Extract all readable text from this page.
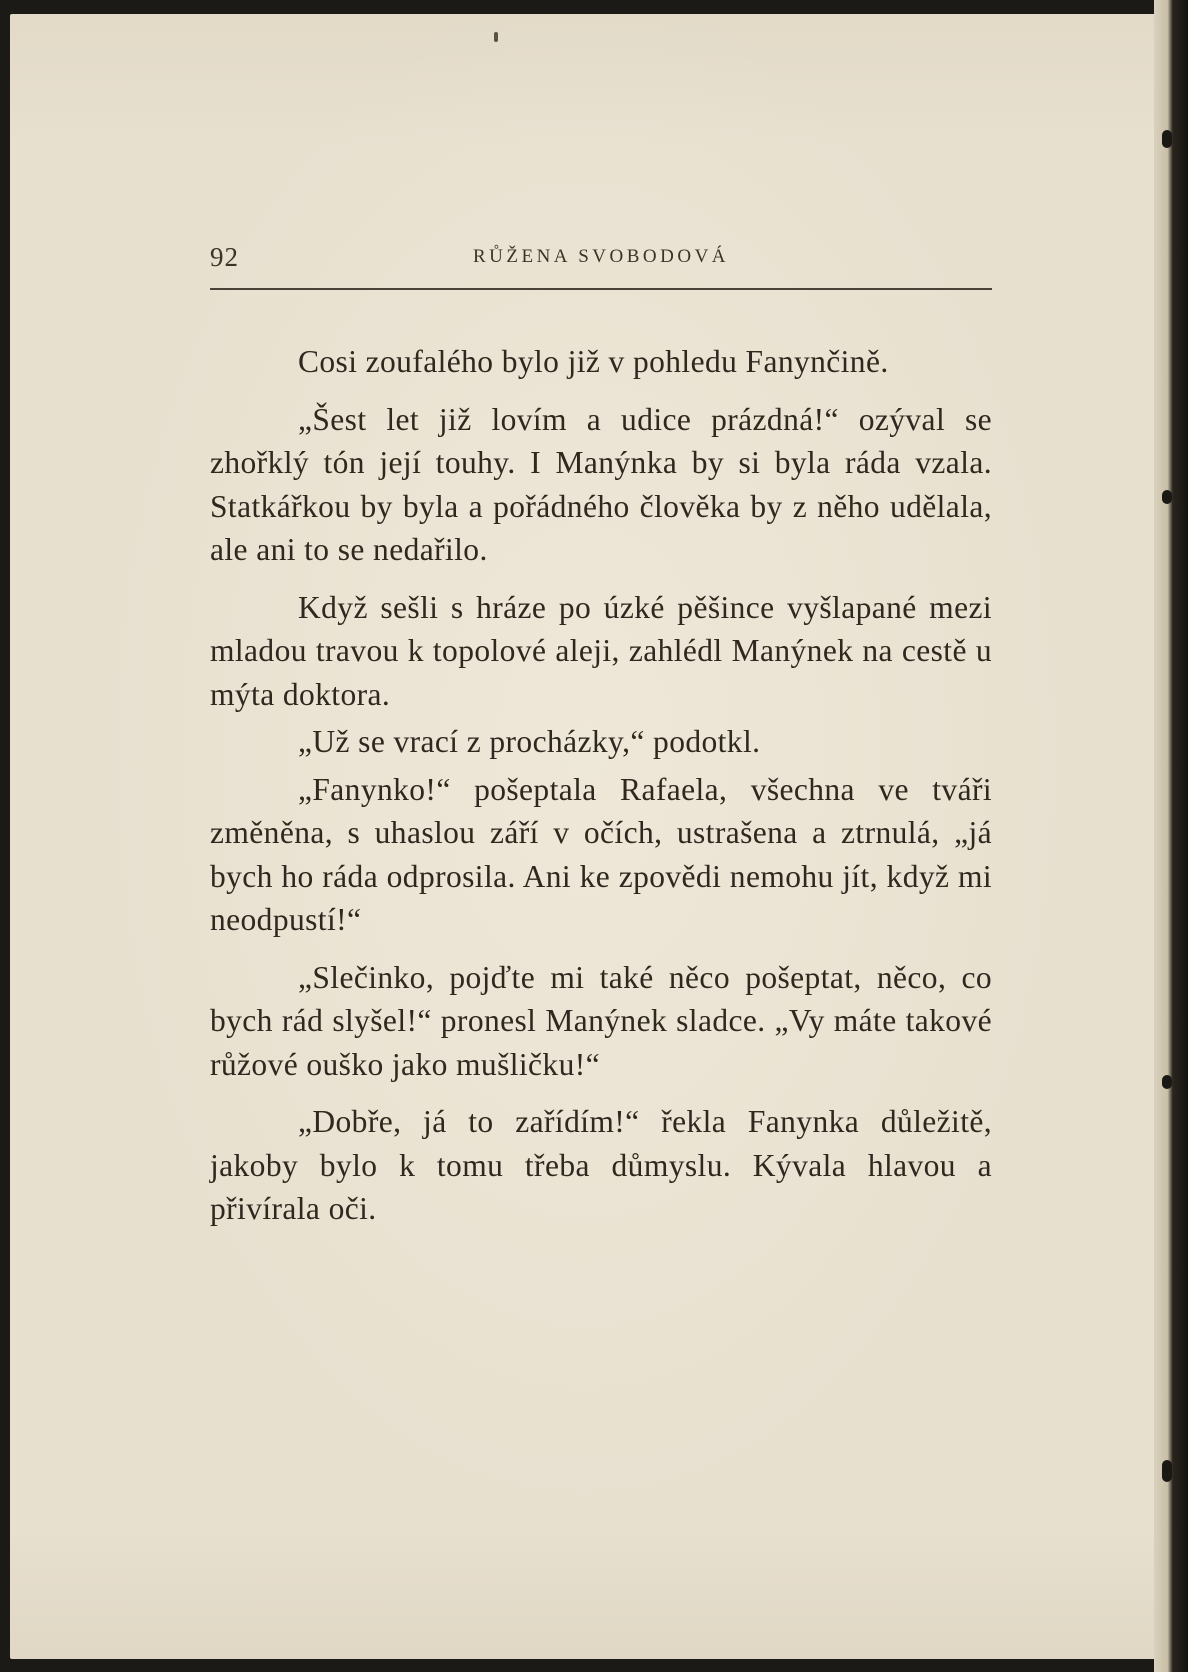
92	RŮŽENA SVOBODOVÁ

Cosi zoufalého bylo již v pohledu Fanynčině.

„Šest let již lovím a udice prázdná!“ ozýval se zhořklý tón její touhy. I Manýnka by si byla ráda vzala. Statkářkou by byla a pořádného člověka by z něho udělala, ale ani to se nedařilo.

Když sešli s hráze po úzké pěšince vyšlapané mezi mladou travou k topolové aleji, zahlédl Manýnek na cestě u mýta doktora.

„Už se vrací z procházky,“ podotkl.

„Fanynko!“ pošeptala Rafaela, všechna ve tváři změněna, s uhaslou září v očích, ustrašena a ztrnulá, „já bych ho ráda odprosila. Ani ke zpovědi nemohu jít, když mi neodpustí!“

„Slečinko, pojďte mi také něco pošeptat, něco, co bych rád slyšel!“ pronesl Manýnek sladce. „Vy máte takové růžové ouško jako mušličku!“

„Dobře, já to zařídím!“ řekla Fanynka důležitě, jakoby bylo k tomu třeba důmyslu. Kývala hlavou a přivírala oči.
